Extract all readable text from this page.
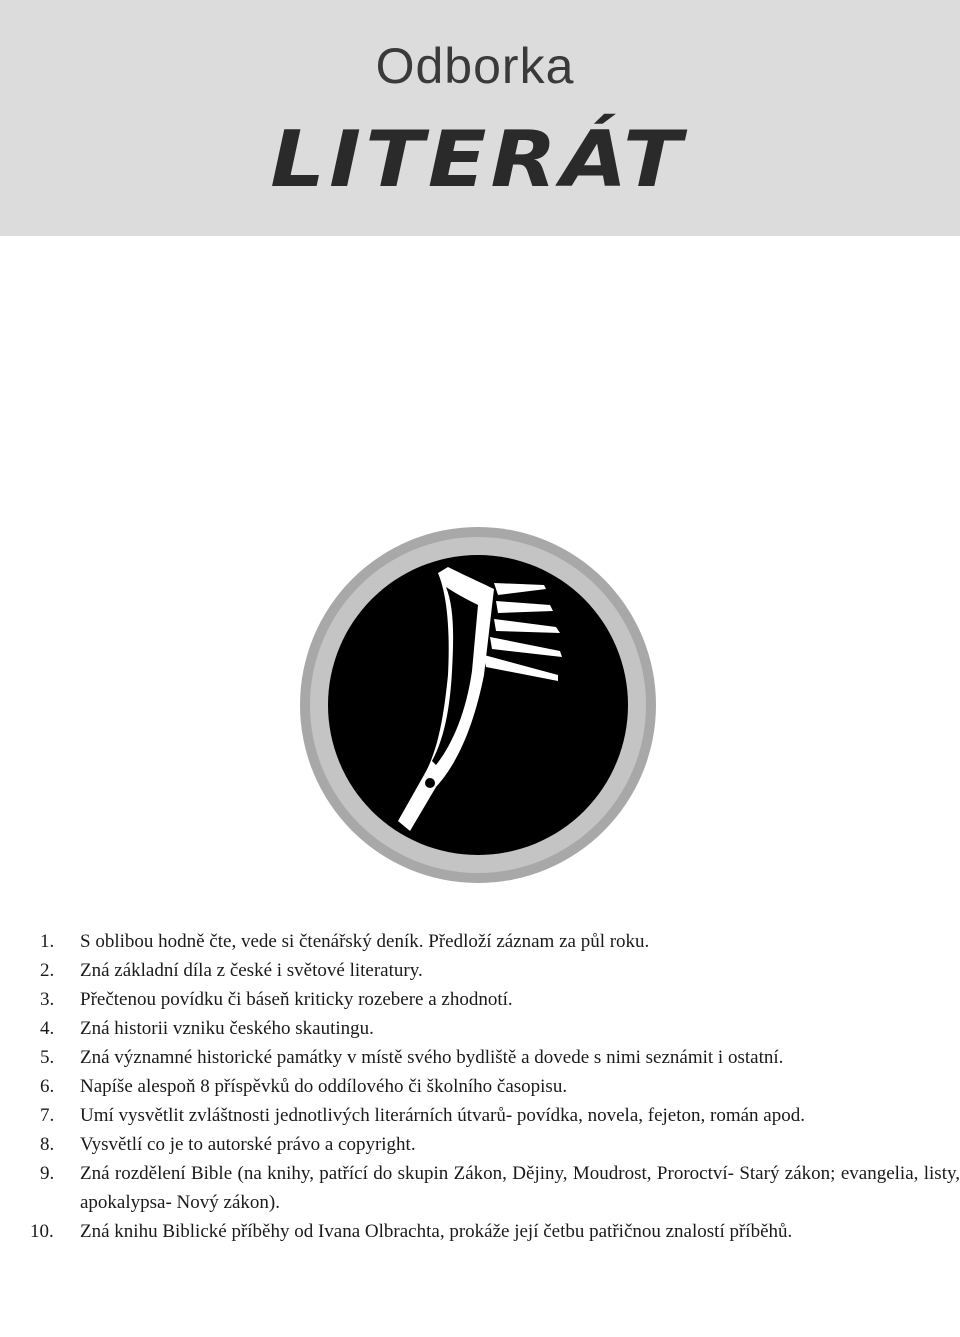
Odborka
LITERÁT
1.	S oblibou hodně čte, vede si čtenářský deník. Předloží záznam za půl roku.
2.	Zná základní díla z české i světové literatury.
3.	Přečtenou povídku či báseň kriticky rozebere a zhodnotí.
4.	Zná historii vzniku českého skautingu.
5.	Zná významné historické památky v místě svého bydliště a dovede s nimi seznámit i ostatní.
6.	Napíše alespoň 8 příspěvků do oddílového či školního časopisu.
7.	Umí vysvětlit zvláštnosti jednotlivých literárních útvarů- povídka, novela, fejeton, román apod.
8.	Vysvětlí co je to autorské právo a copyright.
9.	Zná rozdělení Bible (na knihy, patřící do skupin Zákon, Dějiny, Moudrost, Proroctví- Starý zákon; evangelia, listy, apokalypsa- Nový zákon).
10.	Zná knihu Biblické příběhy od Ivana Olbrachta, prokáže její četbu patřičnou znalostí příběhů.
